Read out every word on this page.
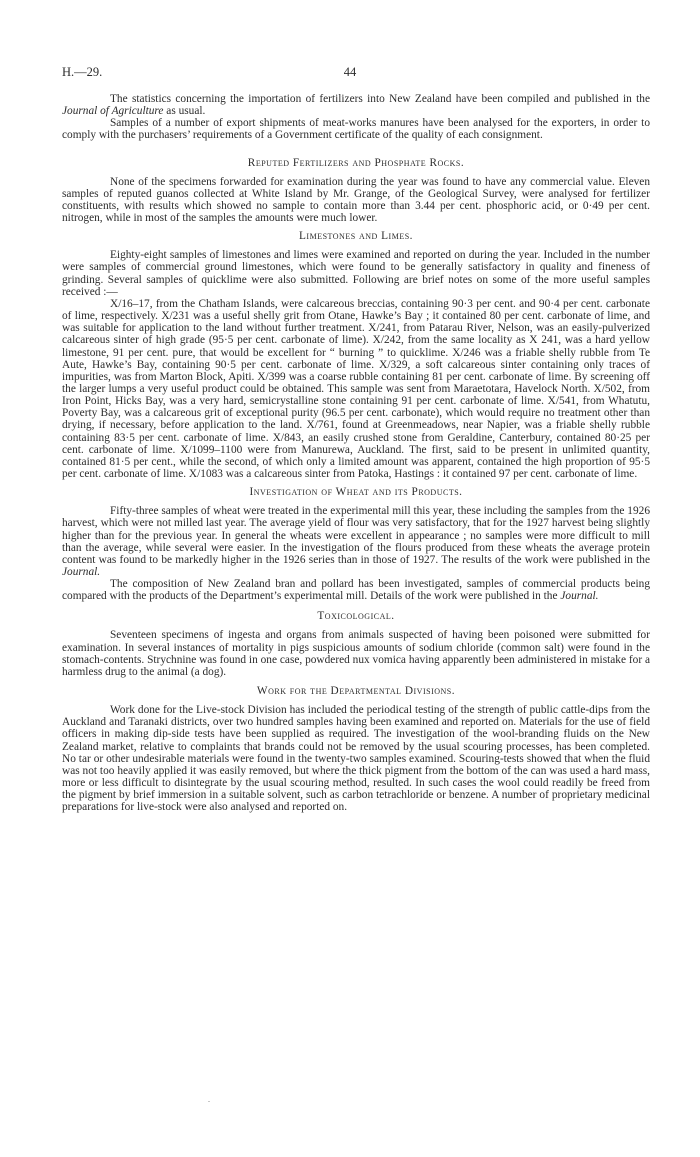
H.—29.	44

The statistics concerning the importation of fertilizers into New Zealand have been compiled and published in the Journal of Agriculture as usual.

Samples of a number of export shipments of meat-works manures have been analysed for the exporters, in order to comply with the purchasers’ requirements of a Government certificate of the quality of each consignment.

Reputed Fertilizers and Phosphate Rocks.

None of the specimens forwarded for examination during the year was found to have any commercial value. Eleven samples of reputed guanos collected at White Island by Mr. Grange, of the Geological Survey, were analysed for fertilizer constituents, with results which showed no sample to contain more than 3.44 per cent. phosphoric acid, or 0·49 per cent. nitrogen, while in most of the samples the amounts were much lower.

Limestones and Limes.

Eighty-eight samples of limestones and limes were examined and reported on during the year. Included in the number were samples of commercial ground limestones, which were found to be generally satisfactory in quality and fineness of grinding. Several samples of quicklime were also submitted. Following are brief notes on some of the more useful samples received :—

X/16–17, from the Chatham Islands, were calcareous breccias, containing 90·3 per cent. and 90·4 per cent. carbonate of lime, respectively. X/231 was a useful shelly grit from Otane, Hawke’s Bay ; it contained 80 per cent. carbonate of lime, and was suitable for application to the land without further treatment. X/241, from Patarau River, Nelson, was an easily-pulverized calcareous sinter of high grade (95·5 per cent. carbonate of lime). X/242, from the same locality as X 241, was a hard yellow limestone, 91 per cent. pure, that would be excellent for “ burning ” to quicklime. X/246 was a friable shelly rubble from Te Aute, Hawke’s Bay, containing 90·5 per cent. carbonate of lime. X/329, a soft calcareous sinter containing only traces of impurities, was from Marton Block, Apiti. X/399 was a coarse rubble containing 81 per cent. carbonate of lime. By screening off the larger lumps a very useful product could be obtained. This sample was sent from Maraetotara, Havelock North. X/502, from Iron Point, Hicks Bay, was a very hard, semicrystalline stone containing 91 per cent. carbonate of lime. X/541, from Whatutu, Poverty Bay, was a calcareous grit of exceptional purity (96.5 per cent. carbonate), which would require no treatment other than drying, if necessary, before application to the land. X/761, found at Greenmeadows, near Napier, was a friable shelly rubble containing 83·5 per cent. carbonate of lime. X/843, an easily crushed stone from Geraldine, Canterbury, contained 80·25 per cent. carbonate of lime. X/1099–1100 were from Manurewa, Auckland. The first, said to be present in unlimited quantity, contained 81·5 per cent., while the second, of which only a limited amount was apparent, contained the high proportion of 95·5 per cent. carbonate of lime. X/1083 was a calcareous sinter from Patoka, Hastings : it contained 97 per cent. carbonate of lime.

Investigation of Wheat and its Products.

Fifty-three samples of wheat were treated in the experimental mill this year, these including the samples from the 1926 harvest, which were not milled last year. The average yield of flour was very satisfactory, that for the 1927 harvest being slightly higher than for the previous year. In general the wheats were excellent in appearance ; no samples were more difficult to mill than the average, while several were easier. In the investigation of the flours produced from these wheats the average protein content was found to be markedly higher in the 1926 series than in those of 1927. The results of the work were published in the Journal.

The composition of New Zealand bran and pollard has been investigated, samples of commercial products being compared with the products of the Department’s experimental mill. Details of the work were published in the Journal.

Toxicological.

Seventeen specimens of ingesta and organs from animals suspected of having been poisoned were submitted for examination. In several instances of mortality in pigs suspicious amounts of sodium chloride (common salt) were found in the stomach-contents. Strychnine was found in one case, powdered nux vomica having apparently been administered in mistake for a harmless drug to the animal (a dog).

Work for the Departmental Divisions.

Work done for the Live-stock Division has included the periodical testing of the strength of public cattle-dips from the Auckland and Taranaki districts, over two hundred samples having been examined and reported on. Materials for the use of field officers in making dip-side tests have been supplied as required. The investigation of the wool-branding fluids on the New Zealand market, relative to complaints that brands could not be removed by the usual scouring processes, has been completed. No tar or other undesirable materials were found in the twenty-two samples examined. Scouring-tests showed that when the fluid was not too heavily applied it was easily removed, but where the thick pigment from the bottom of the can was used a hard mass, more or less difficult to disintegrate by the usual scouring method, resulted. In such cases the wool could readily be freed from the pigment by brief immersion in a suitable solvent, such as carbon tetrachloride or benzene. A number of proprietary medicinal preparations for live-stock were also analysed and reported on.
